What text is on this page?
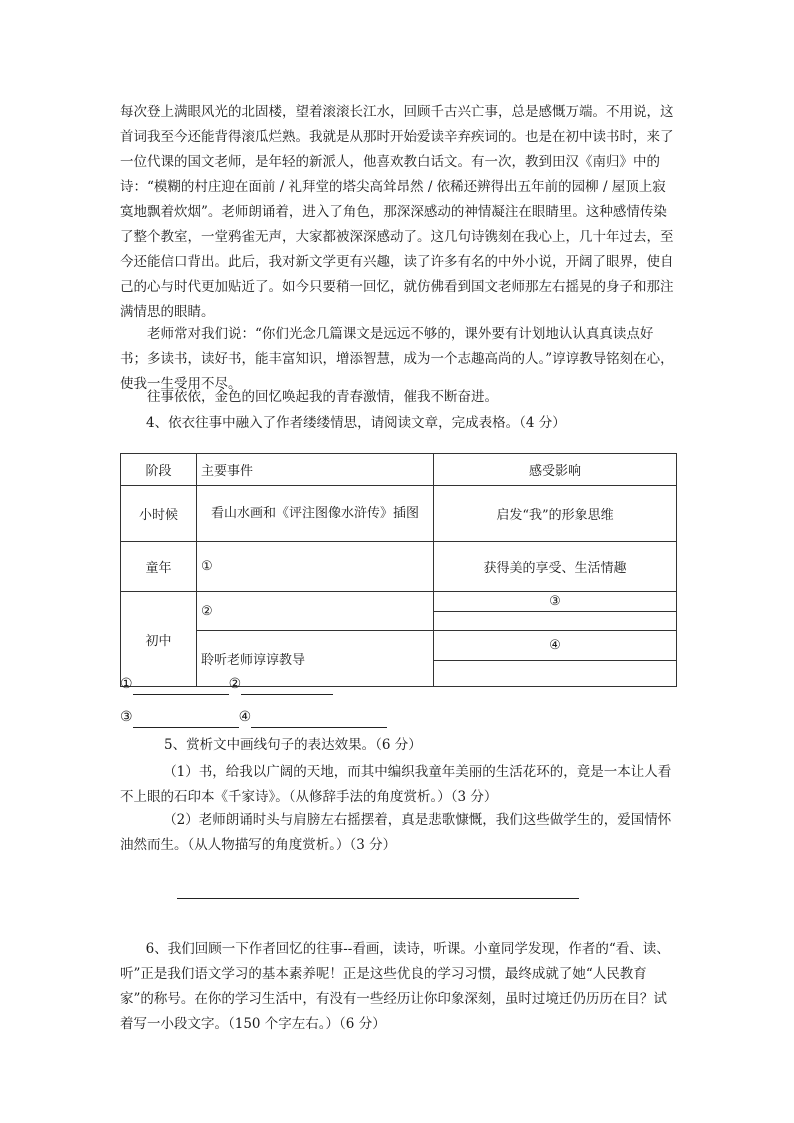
每次登上满眼风光的北固楼，望着滚滚长江水，回顾千古兴亡事，总是感慨万端。不用说，这首词我至今还能背得滚瓜烂熟。我就是从那时开始爱读辛弃疾词的。也是在初中读书时，来了一位代课的国文老师，是年轻的新派人，他喜欢教白话文。有一次，教到田汉《南归》中的诗：“模糊的村庄迎在面前 / 礼拜堂的塔尖高耸昂然 / 依稀还辨得出五年前的园柳 / 屋顶上寂寞地飘着炊烟”。老师朗诵着，进入了角色，那深深感动的神情凝注在眼睛里。这种感情传染了整个教室，一堂鸦雀无声，大家都被深深感动了。这几句诗镌刻在我心上，几十年过去，至今还能信口背出。此后，我对新文学更有兴趣，读了许多有名的中外小说，开阔了眼界，使自己的心与时代更加贴近了。如今只要稍一回忆，就仿佛看到国文老师那左右摇晃的身子和那注满情思的眼睛。

老师常对我们说：“你们光念几篇课文是远远不够的，课外要有计划地认认真真读点好书；多读书，读好书，能丰富知识，增添智慧，成为一个志趣高尚的人。”谆谆教导铭刻在心，使我一生受用不尽。

往事依依，金色的回忆唤起我的青春激情，催我不断奋进。

4、依衣往事中融入了作者缕缕情思，请阅读文章，完成表格。（4 分）

阶段	主要事件	感受影响
小时候	看山水画和《评注图像水浒传》插图	启发“我”的形象思维
童年	①	获得美的享受、生活情趣
初中	②	③

	聆听老师谆谆教导	④

①	②
③	④

5、赏析文中画线句子的表达效果。（6 分）

（1）书，给我以广阔的天地，而其中编织我童年美丽的生活花环的，竟是一本让人看不上眼的石印本《千家诗》。（从修辞手法的角度赏析。）（3 分）

（2）老师朗诵时头与肩膀左右摇摆着，真是悲歌慷慨，我们这些做学生的，爱国情怀油然而生。（从人物描写的角度赏析。）（3 分）

6、我们回顾一下作者回忆的往事--看画，读诗，听课。小童同学发现，作者的“看、读、听”正是我们语文学习的基本素养呢！正是这些优良的学习习惯，最终成就了她“人民教育家”的称号。在你的学习生活中，有没有一些经历让你印象深刻，虽时过境迁仍历历在目？试着写一小段文字。（150 个字左右。）（6 分）
